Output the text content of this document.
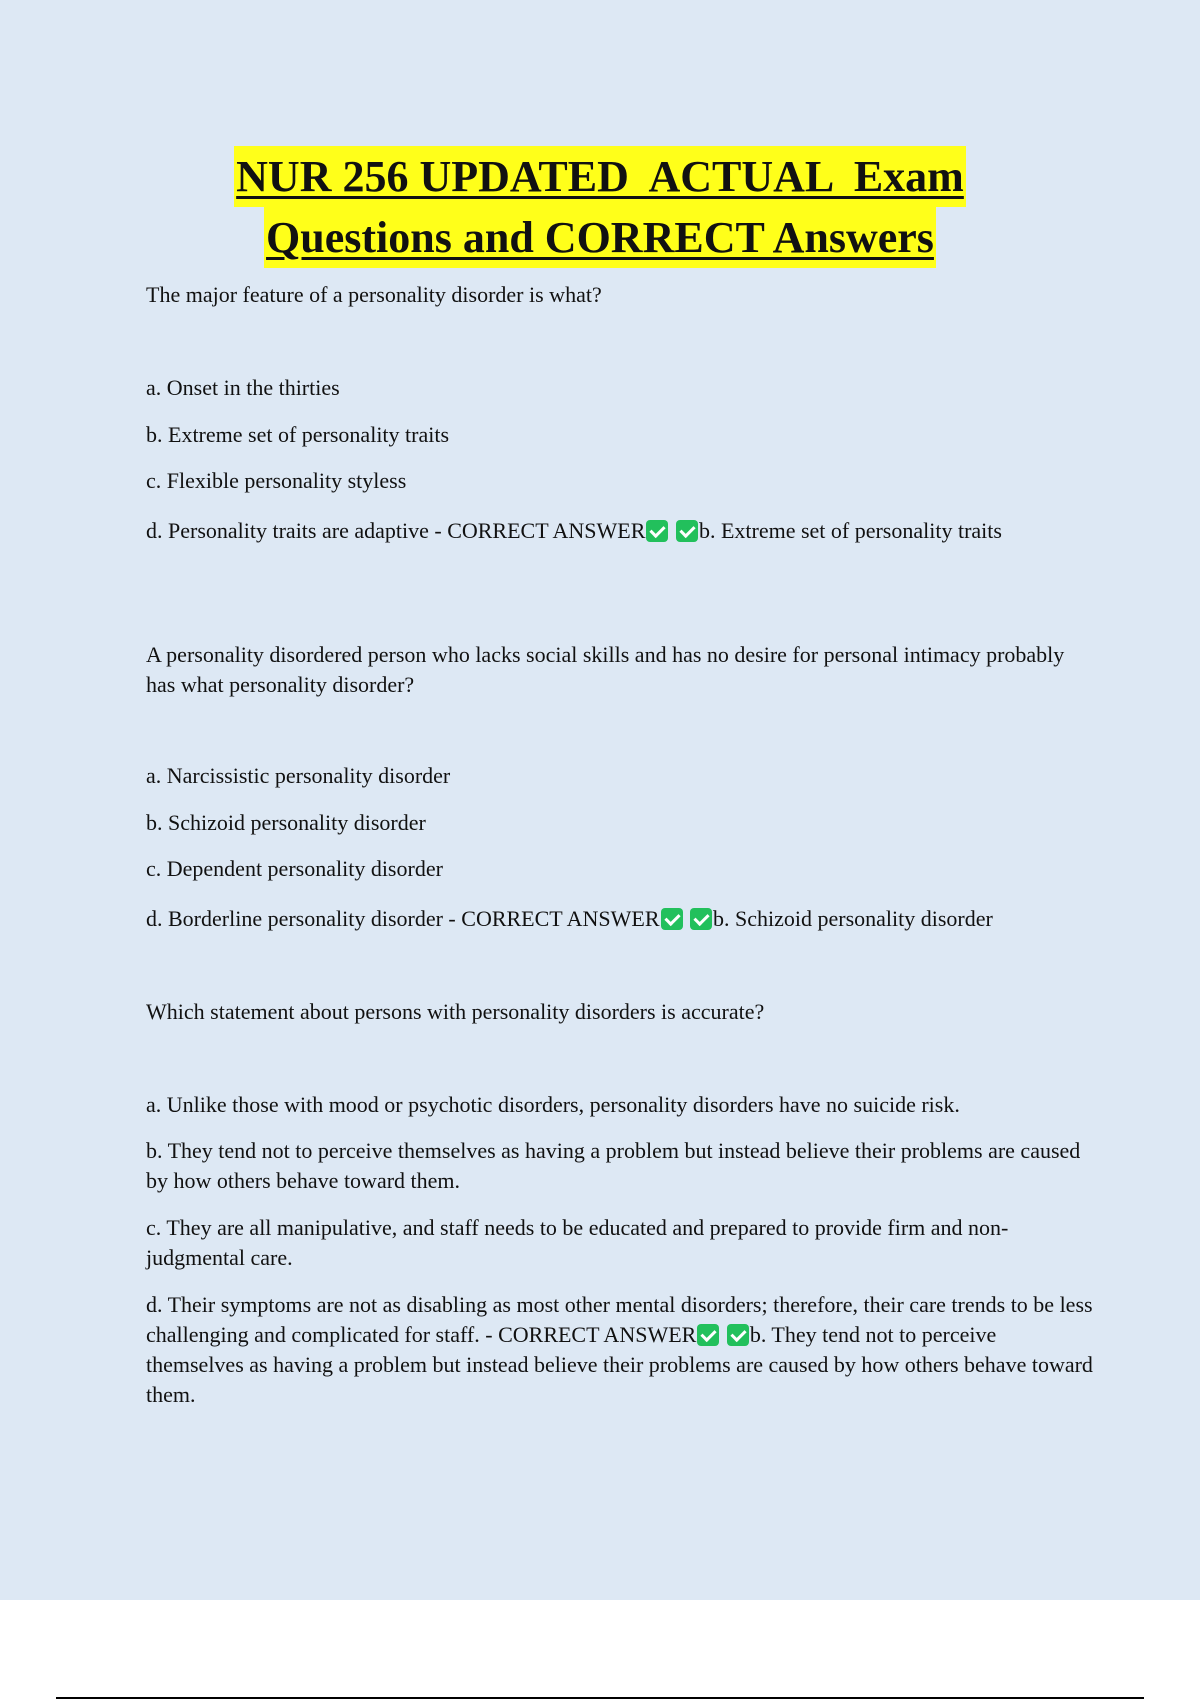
NUR 256 UPDATED  ACTUAL  Exam
Questions and CORRECT Answers
The major feature of a personality disorder is what?
a. Onset in the thirties
b. Extreme set of personality traits
c. Flexible personality styless
d. Personality traits are adaptive - CORRECT ANSWER b. Extreme set of personality traits
A personality disordered person who lacks social skills and has no desire for personal intimacy probably has what personality disorder?
a. Narcissistic personality disorder
b. Schizoid personality disorder
c. Dependent personality disorder
d. Borderline personality disorder - CORRECT ANSWER b. Schizoid personality disorder
Which statement about persons with personality disorders is accurate?
a. Unlike those with mood or psychotic disorders, personality disorders have no suicide risk.
b. They tend not to perceive themselves as having a problem but instead believe their problems are caused by how others behave toward them.
c. They are all manipulative, and staff needs to be educated and prepared to provide firm and non-judgmental care.
d. Their symptoms are not as disabling as most other mental disorders; therefore, their care trends to be less challenging and complicated for staff. - CORRECT ANSWER b. They tend not to perceive themselves as having a problem but instead believe their problems are caused by how others behave toward them.
